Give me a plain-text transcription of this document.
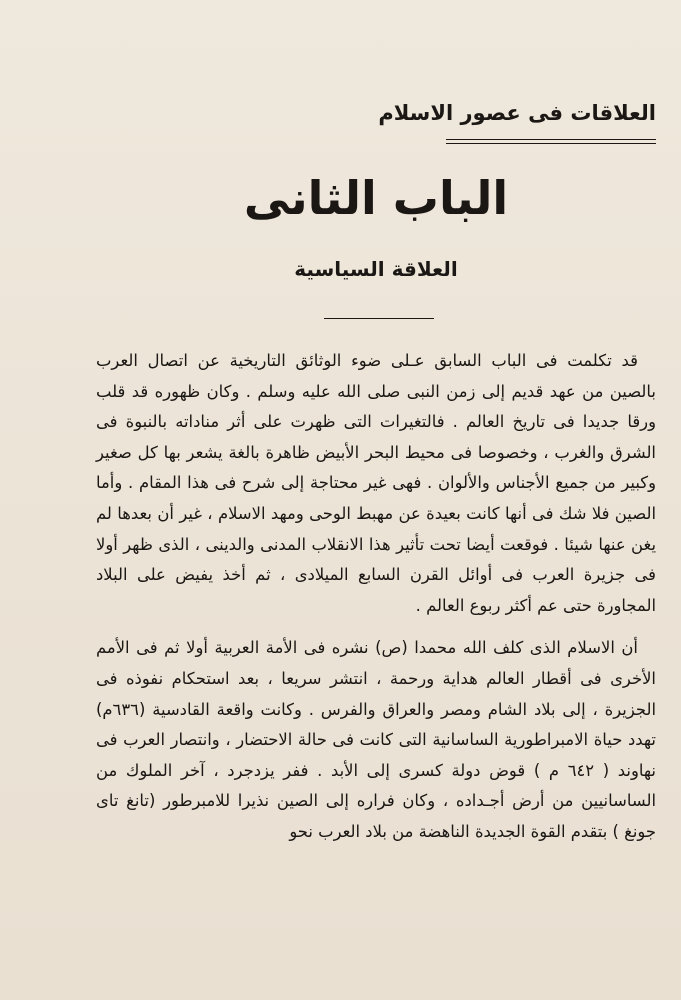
العلاقات فى عصور الاسلام
الباب الثانى
العلاقة السياسية

قد تكلمت فى الباب السابق عـلى ضوء الوثائق التاريخية عن اتصال العرب بالصين من عهد قديم إلى زمن النبى صلى الله عليه وسلم . وكان ظهوره قد قلب ورقا جديدا فى تاريخ العالم . فالتغيرات التى ظهرت على أثر مناداته بالنبوة فى الشرق والغرب ، وخصوصا فى محيط البحر الأبيض ظاهرة بالغة يشعر بها كل صغير وكبير من جميع الأجناس والألوان . فهى غير محتاجة إلى شرح فى هذا المقام . وأما الصين فلا شك فى أنها كانت بعيدة عن مهبط الوحى ومهد الاسلام ، غير أن بعدها لم يغن عنها شيئا . فوقعت أيضا تحت تأثير هذا الانقلاب المدنى والدينى ، الذى ظهر أولا فى جزيرة العرب فى أوائل القرن السابع الميلادى ، ثم أخذ يفيض على البلاد المجاورة حتى عم أكثر ربوع العالم .

أن الاسلام الذى كلف الله محمدا (ص) نشره فى الأمة العربية أولا ثم فى الأمم الأخرى فى أقطار العالم هداية ورحمة ، انتشر سريعا ، بعد استحكام نفوذه فى الجزيرة ، إلى بلاد الشام ومصر والعراق والفرس . وكانت واقعة القادسية (٦٣٦م) تهدد حياة الامبراطورية الساسانية التى كانت فى حالة الاحتضار ، وانتصار العرب فى نهاوند ( ٦٤٢ م ) قوض دولة كسرى إلى الأبد . ففر يزدجرد ، آخر الملوك من الساسانيين من أرض أجـداده ، وكان فراره إلى الصين نذيرا للامبرطور (تانغ تاى جونغ ) بتقدم القوة الجديدة الناهضة من بلاد العرب نحو
